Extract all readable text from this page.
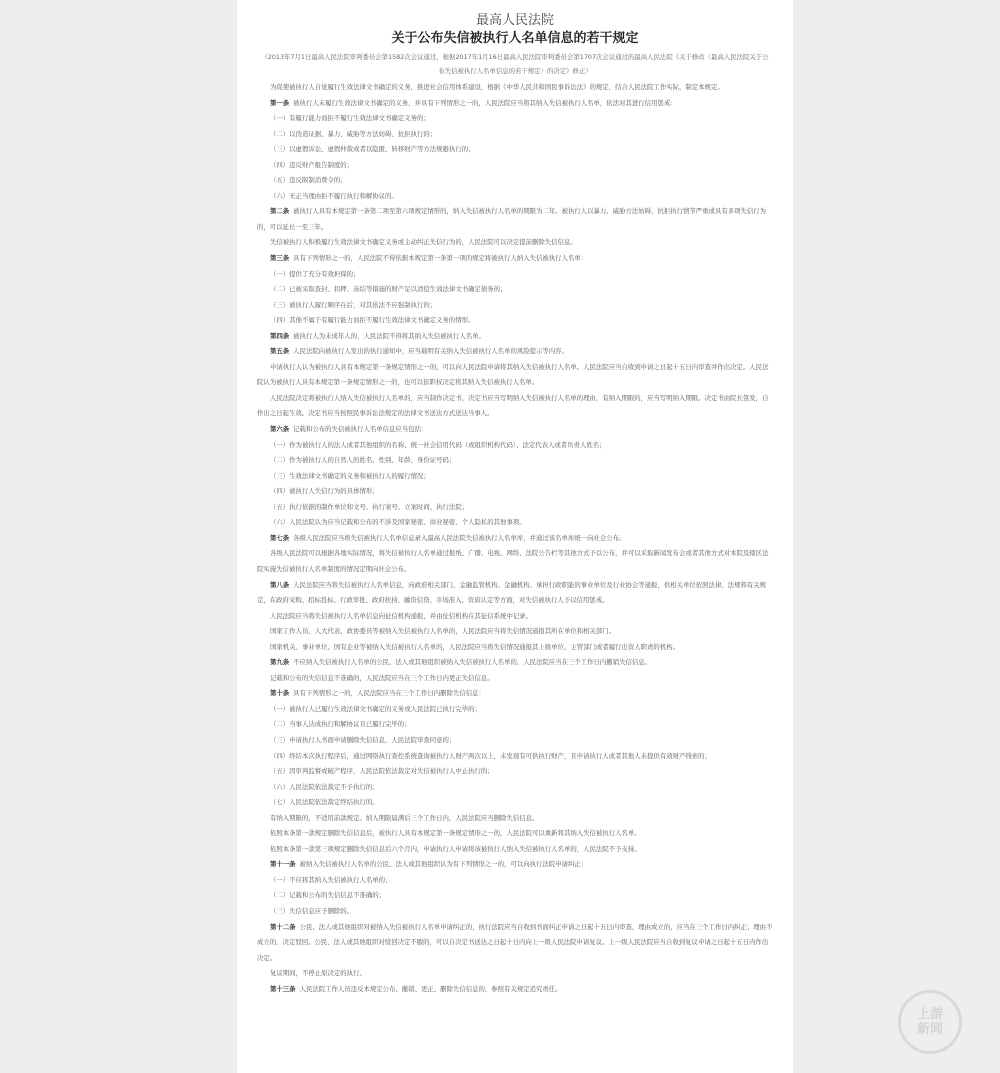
最高人民法院

关于公布失信被执行人名单信息的若干规定

（2013年7月1日最高人民法院审判委员会第1582次会议通过，根据2017年1月16日最高人民法院审判委员会第1707次会议通过的最高人民法院《关于修改〈最高人民法院关于公布失信被执行人名单信息的若干规定〉的决定》修正）

为促使被执行人自觉履行生效法律文书确定的义务，推进社会信用体系建设，根据《中华人民共和国民事诉讼法》的规定，结合人民法院工作实际，制定本规定。

第一条 被执行人未履行生效法律文书确定的义务，并具有下列情形之一的，人民法院应当将其纳入失信被执行人名单，依法对其进行信用惩戒：

（一）有履行能力而拒不履行生效法律文书确定义务的；

（二）以伪造证据、暴力、威胁等方法妨碍、抗拒执行的；

（三）以虚假诉讼、虚假仲裁或者以隐匿、转移财产等方法规避执行的；

（四）违反财产报告制度的；

（五）违反限制消费令的；

（六）无正当理由拒不履行执行和解协议的。

第二条 被执行人具有本规定第一条第二项至第六项规定情形的，纳入失信被执行人名单的期限为二年。被执行人以暴力、威胁方法妨碍、抗拒执行情节严重或具有多项失信行为的，可以延长一至三年。

失信被执行人积极履行生效法律文书确定义务或主动纠正失信行为的，人民法院可以决定提前删除失信信息。

第三条 具有下列情形之一的，人民法院不得依据本规定第一条第一项的规定将被执行人纳入失信被执行人名单：

（一）提供了充分有效担保的；

（二）已被采取查封、扣押、冻结等措施的财产足以清偿生效法律文书确定债务的；

（三）被执行人履行顺序在后，对其依法不应强制执行的；

（四）其他不属于有履行能力而拒不履行生效法律文书确定义务的情形。

第四条 被执行人为未成年人的，人民法院不得将其纳入失信被执行人名单。

第五条 人民法院向被执行人发出的执行通知中，应当载明有关纳入失信被执行人名单的风险提示等内容。

申请执行人认为被执行人具有本规定第一条规定情形之一的，可以向人民法院申请将其纳入失信被执行人名单。人民法院应当自收到申请之日起十五日内审查并作出决定。人民法院认为被执行人具有本规定第一条规定情形之一的，也可以依职权决定将其纳入失信被执行人名单。

人民法院决定将被执行人纳入失信被执行人名单的，应当制作决定书，决定书应当写明纳入失信被执行人名单的理由，有纳入期限的，应当写明纳入期限。决定书由院长签发，自作出之日起生效。决定书应当按照民事诉讼法规定的法律文书送达方式送达当事人。

第六条 记载和公布的失信被执行人名单信息应当包括：

（一）作为被执行人的法人或者其他组织的名称、统一社会信用代码（或组织机构代码）、法定代表人或者负责人姓名；

（二）作为被执行人的自然人的姓名、性别、年龄、身份证号码；

（三）生效法律文书确定的义务和被执行人的履行情况；

（四）被执行人失信行为的具体情形；

（五）执行依据的制作单位和文号、执行案号、立案时间、执行法院；

（六）人民法院认为应当记载和公布的不涉及国家秘密、商业秘密、个人隐私的其他事项。

第七条 各级人民法院应当将失信被执行人名单信息录入最高人民法院失信被执行人名单库，并通过该名单库统一向社会公布。

各级人民法院可以根据各地实际情况，将失信被执行人名单通过报纸、广播、电视、网络、法院公告栏等其他方式予以公布，并可以采取新闻发布会或者其他方式对本院及辖区法院实施失信被执行人名单制度的情况定期向社会公布。

第八条 人民法院应当将失信被执行人名单信息，向政府相关部门、金融监管机构、金融机构、承担行政职能的事业单位及行业协会等通报，供相关单位依照法律、法规和有关规定，在政府采购、招标投标、行政审批、政府扶持、融资信贷、市场准入、资质认定等方面，对失信被执行人予以信用惩戒。

人民法院应当将失信被执行人名单信息向征信机构通报，并由征信机构在其征信系统中记录。

国家工作人员、人大代表、政协委员等被纳入失信被执行人名单的，人民法院应当将失信情况通报其所在单位和相关部门。

国家机关、事业单位、国有企业等被纳入失信被执行人名单的，人民法院应当将失信情况通报其上级单位、主管部门或者履行出资人职责的机构。

第九条 不应纳入失信被执行人名单的公民、法人或其他组织被纳入失信被执行人名单的，人民法院应当在三个工作日内撤销失信信息。

记载和公布的失信信息不准确的，人民法院应当在三个工作日内更正失信信息。

第十条 具有下列情形之一的，人民法院应当在三个工作日内删除失信信息：

（一）被执行人已履行生效法律文书确定的义务或人民法院已执行完毕的；

（二）当事人达成执行和解协议且已履行完毕的；

（三）申请执行人书面申请删除失信信息，人民法院审查同意的；

（四）终结本次执行程序后，通过网络执行查控系统查询被执行人财产两次以上，未发现有可供执行财产，且申请执行人或者其他人未提供有效财产线索的；

（五）因审判监督或破产程序，人民法院依法裁定对失信被执行人中止执行的；

（六）人民法院依法裁定不予执行的；

（七）人民法院依法裁定终结执行的。

有纳入期限的，不适用前款规定。纳入期限届满后三个工作日内，人民法院应当删除失信信息。

依照本条第一款规定删除失信信息后，被执行人具有本规定第一条规定情形之一的，人民法院可以重新将其纳入失信被执行人名单。

依照本条第一款第三项规定删除失信信息后六个月内，申请执行人申请将该被执行人纳入失信被执行人名单的，人民法院不予支持。

第十一条 被纳入失信被执行人名单的公民、法人或其他组织认为有下列情形之一的，可以向执行法院申请纠正：

（一）不应将其纳入失信被执行人名单的；

（二）记载和公布的失信信息不准确的；

（三）失信信息应予删除的。

第十二条 公民、法人或其他组织对被纳入失信被执行人名单申请纠正的，执行法院应当自收到书面纠正申请之日起十五日内审查，理由成立的，应当在三个工作日内纠正；理由不成立的，决定驳回。公民、法人或其他组织对驳回决定不服的，可以自决定书送达之日起十日内向上一级人民法院申请复议。上一级人民法院应当自收到复议申请之日起十五日内作出决定。

复议期间，不停止原决定的执行。

第十三条 人民法院工作人员违反本规定公布、撤销、更正、删除失信信息的，参照有关规定追究责任。

上游
新闻
